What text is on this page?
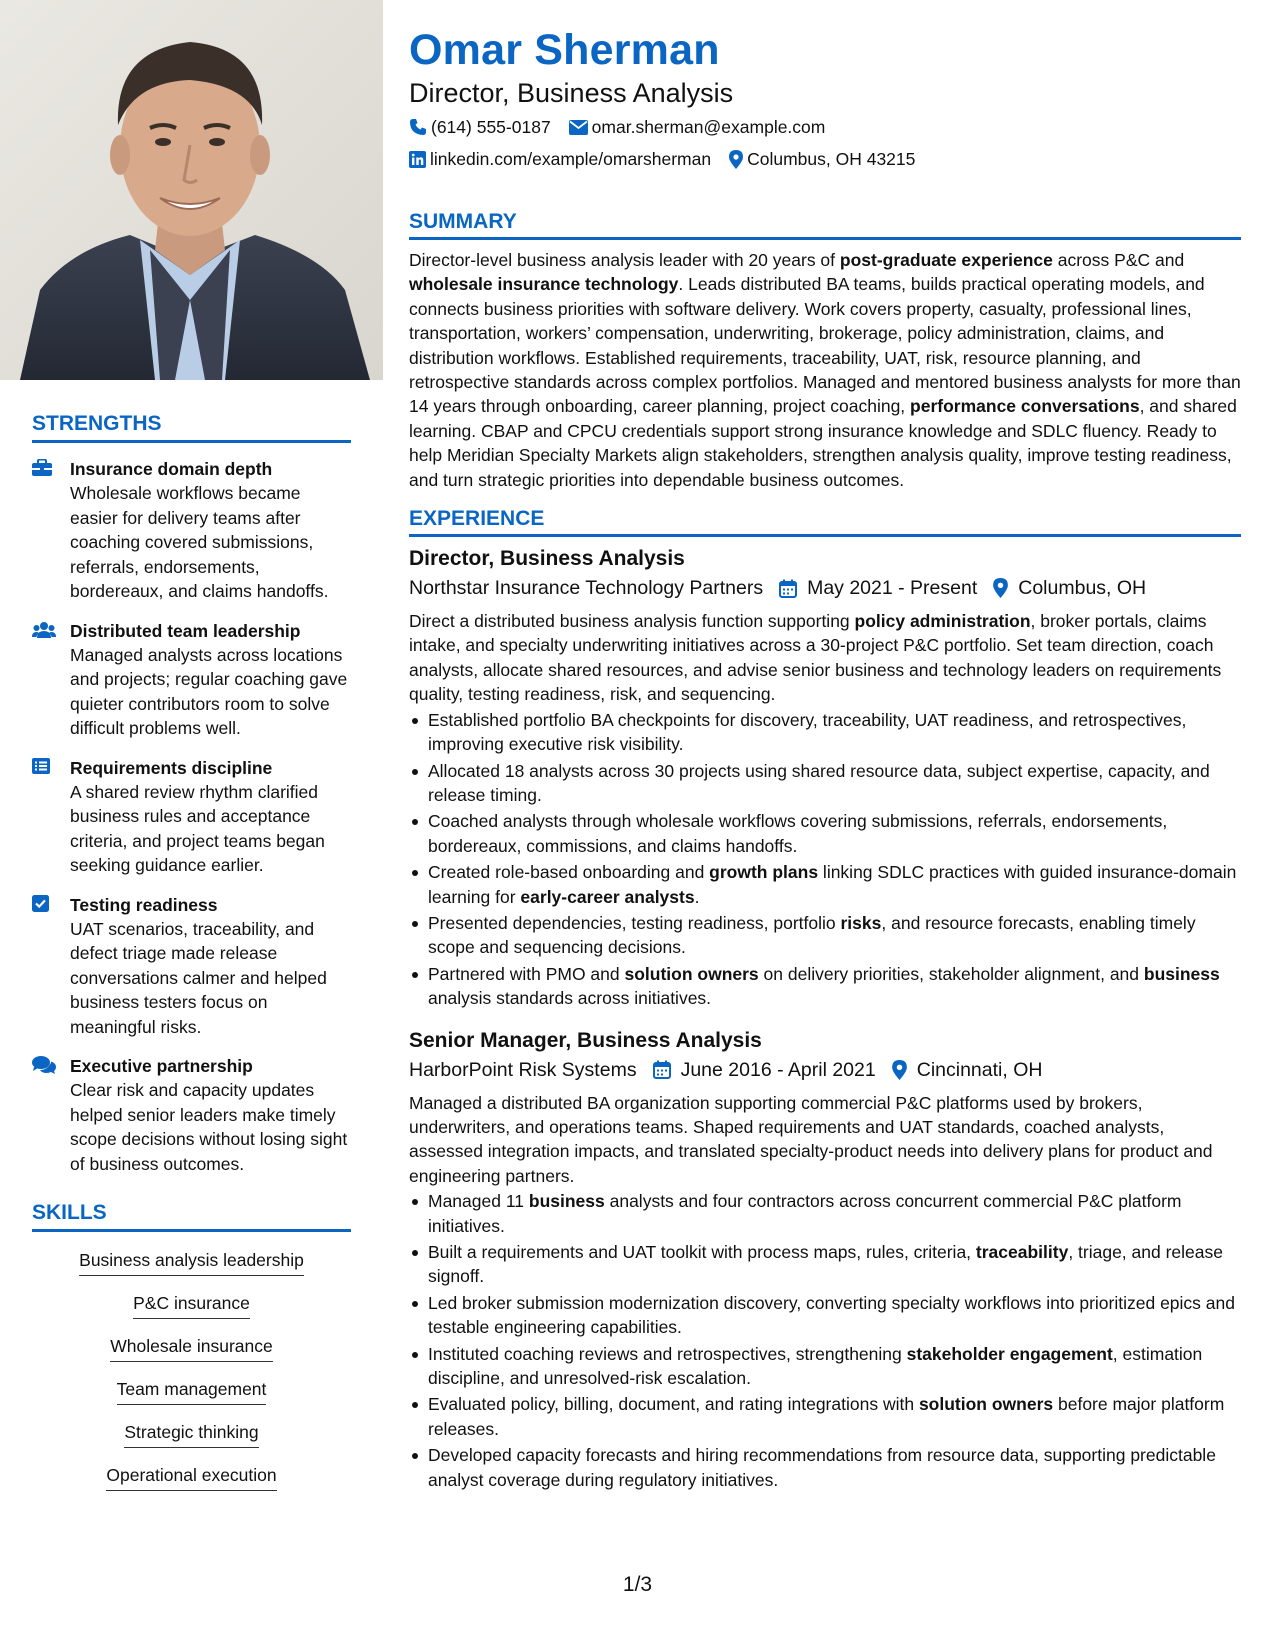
STRENGTHS
Insurance domain depth
Wholesale workflows became easier for delivery teams after coaching covered submissions, referrals, endorsements, bordereaux, and claims handoffs.
Distributed team leadership
Managed analysts across locations and projects; regular coaching gave quieter contributors room to solve difficult problems well.
Requirements discipline
A shared review rhythm clarified business rules and acceptance criteria, and project teams began seeking guidance earlier.
Testing readiness
UAT scenarios, traceability, and defect triage made release conversations calmer and helped business testers focus on meaningful risks.
Executive partnership
Clear risk and capacity updates helped senior leaders make timely scope decisions without losing sight of business outcomes.
SKILLS
Business analysis leadership
P&C insurance
Wholesale insurance
Team management
Strategic thinking
Operational execution
Omar Sherman
Director, Business Analysis
(614) 555-0187 omar.sherman@example.com
linkedin.com/example/omarsherman Columbus, OH 43215
SUMMARY
Director-level business analysis leader with 20 years of post-graduate experience across P&C and wholesale insurance technology. Leads distributed BA teams, builds practical operating models, and connects business priorities with software delivery. Work covers property, casualty, professional lines, transportation, workers’ compensation, underwriting, brokerage, policy administration, claims, and distribution workflows. Established requirements, traceability, UAT, risk, resource planning, and retrospective standards across complex portfolios. Managed and mentored business analysts for more than 14 years through onboarding, career planning, project coaching, performance conversations, and shared learning. CBAP and CPCU credentials support strong insurance knowledge and SDLC fluency. Ready to help Meridian Specialty Markets align stakeholders, strengthen analysis quality, improve testing readiness, and turn strategic priorities into dependable business outcomes.
EXPERIENCE
Director, Business Analysis
Northstar Insurance Technology Partners May 2021 - Present Columbus, OH
Direct a distributed business analysis function supporting policy administration, broker portals, claims intake, and specialty underwriting initiatives across a 30-project P&C portfolio. Set team direction, coach analysts, allocate shared resources, and advise senior business and technology leaders on requirements quality, testing readiness, risk, and sequencing.
Established portfolio BA checkpoints for discovery, traceability, UAT readiness, and retrospectives, improving executive risk visibility.
Allocated 18 analysts across 30 projects using shared resource data, subject expertise, capacity, and release timing.
Coached analysts through wholesale workflows covering submissions, referrals, endorsements, bordereaux, commissions, and claims handoffs.
Created role-based onboarding and growth plans linking SDLC practices with guided insurance-domain learning for early-career analysts.
Presented dependencies, testing readiness, portfolio risks, and resource forecasts, enabling timely scope and sequencing decisions.
Partnered with PMO and solution owners on delivery priorities, stakeholder alignment, and business analysis standards across initiatives.
Senior Manager, Business Analysis
HarborPoint Risk Systems June 2016 - April 2021 Cincinnati, OH
Managed a distributed BA organization supporting commercial P&C platforms used by brokers, underwriters, and operations teams. Shaped requirements and UAT standards, coached analysts, assessed integration impacts, and translated specialty-product needs into delivery plans for product and engineering partners.
Managed 11 business analysts and four contractors across concurrent commercial P&C platform initiatives.
Built a requirements and UAT toolkit with process maps, rules, criteria, traceability, triage, and release signoff.
Led broker submission modernization discovery, converting specialty workflows into prioritized epics and testable engineering capabilities.
Instituted coaching reviews and retrospectives, strengthening stakeholder engagement, estimation discipline, and unresolved-risk escalation.
Evaluated policy, billing, document, and rating integrations with solution owners before major platform releases.
Developed capacity forecasts and hiring recommendations from resource data, supporting predictable analyst coverage during regulatory initiatives.
1/3
